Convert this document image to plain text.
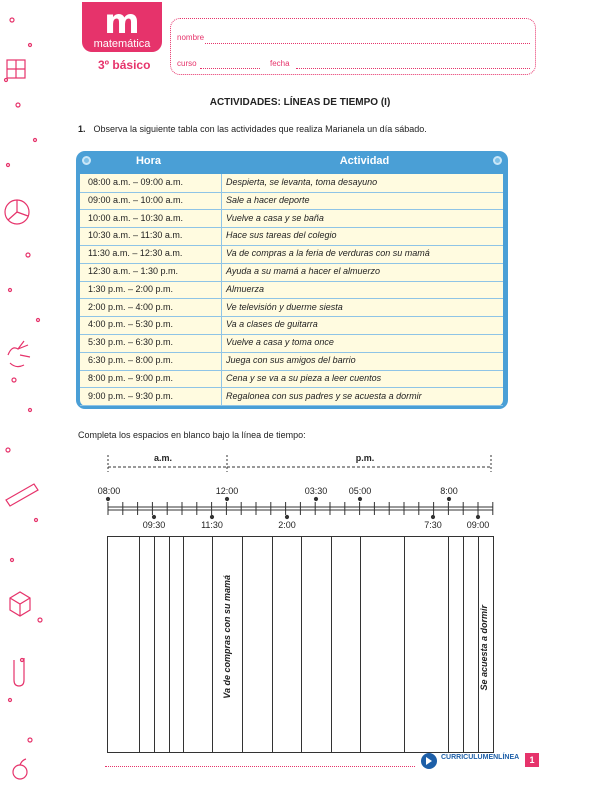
m
matemática
3º básico
nombre
curso	fecha
ACTIVIDADES: LÍNEAS DE TIEMPO (I)
1. Observa la siguiente tabla con las actividades que realiza Marianela un día sábado.
Hora	Actividad
08:00 a.m. – 09:00 a.m.	Despierta, se levanta, toma desayuno
09:00 a.m. – 10:00 a.m.	Sale a hacer deporte
10:00 a.m. – 10:30 a.m.	Vuelve a casa y se baña
10:30 a.m. – 11:30 a.m.	Hace sus tareas del colegio
11:30 a.m. – 12:30 a.m.	Va de compras a la feria de verduras con su mamá
12:30 a.m. – 1:30 p.m.	Ayuda a su mamá a hacer el almuerzo
1:30 p.m. – 2:00 p.m.	Almuerza
2:00 p.m. – 4:00 p.m.	Ve televisión y duerme siesta
4:00 p.m. – 5:30 p.m.	Va a clases de guitarra
5:30 p.m. – 6:30 p.m.	Vuelve a casa y toma once
6:30 p.m. – 8:00 p.m.	Juega con sus amigos del barrio
8:00 p.m. – 9:00 p.m.	Cena y se va a su pieza a leer cuentos
9:00 p.m. – 9:30 p.m.	Regalonea con sus padres y se acuesta a dormir
Completa los espacios en blanco bajo la línea de tiempo:
a.m.	p.m.
08:00	12:00	03:30 05:00	8:00
09:30	11:30	2:00	7:30	09:00
Va de compras con su mamá	Se acuesta a dormir
CURRICULUMENLÍNEA	1
